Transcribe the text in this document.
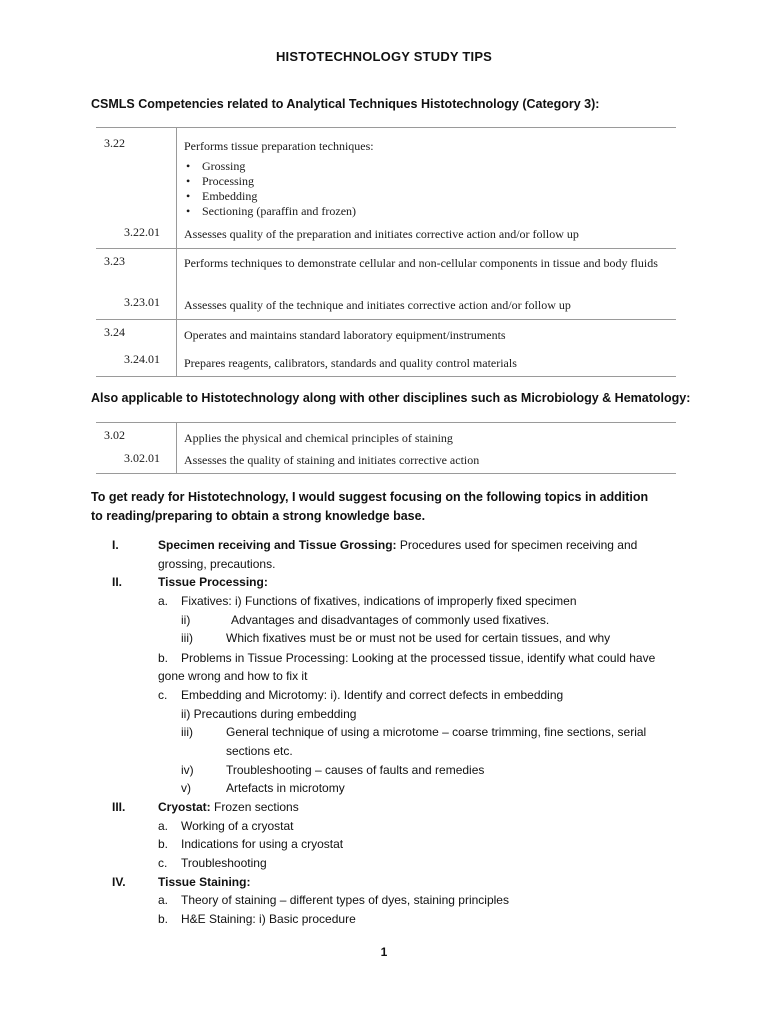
HISTOTECHNOLOGY STUDY TIPS
CSMLS Competencies related to Analytical Techniques Histotechnology (Category 3):
3.22	Performs tissue preparation techniques:
• Grossing
• Processing
• Embedding
• Sectioning (paraffin and frozen)
3.22.01 Assesses quality of the preparation and initiates corrective action and/or follow up
3.23	Performs techniques to demonstrate cellular and non-cellular components in tissue and body fluids
3.23.01 Assesses quality of the technique and initiates corrective action and/or follow up
3.24	Operates and maintains standard laboratory equipment/instruments
3.24.01 Prepares reagents, calibrators, standards and quality control materials
Also applicable to Histotechnology along with other disciplines such as Microbiology & Hematology:
3.02	Applies the physical and chemical principles of staining
3.02.01 Assesses the quality of staining and initiates corrective action
To get ready for Histotechnology, I would suggest focusing on the following topics in addition to reading/preparing to obtain a strong knowledge base.
I.	Specimen receiving and Tissue Grossing: Procedures used for specimen receiving and
grossing, precautions.
II.	Tissue Processing:
a. Fixatives: i) Functions of fixatives, indications of improperly fixed specimen
ii)	Advantages and disadvantages of commonly used fixatives.
iii)	Which fixatives must be or must not be used for certain tissues, and why
b. Problems in Tissue Processing: Looking at the processed tissue, identify what could have
gone wrong and how to fix it
c. Embedding and Microtomy: i). Identify and correct defects in embedding
ii) Precautions during embedding
iii)	General technique of using a microtome – coarse trimming, fine sections, serial
sections etc.
iv)	Troubleshooting – causes of faults and remedies
v)	Artefacts in microtomy
III.	Cryostat: Frozen sections
a. Working of a cryostat
b. Indications for using a cryostat
c. Troubleshooting
IV.	Tissue Staining:
a. Theory of staining – different types of dyes, staining principles
b. H&E Staining: i) Basic procedure
1
